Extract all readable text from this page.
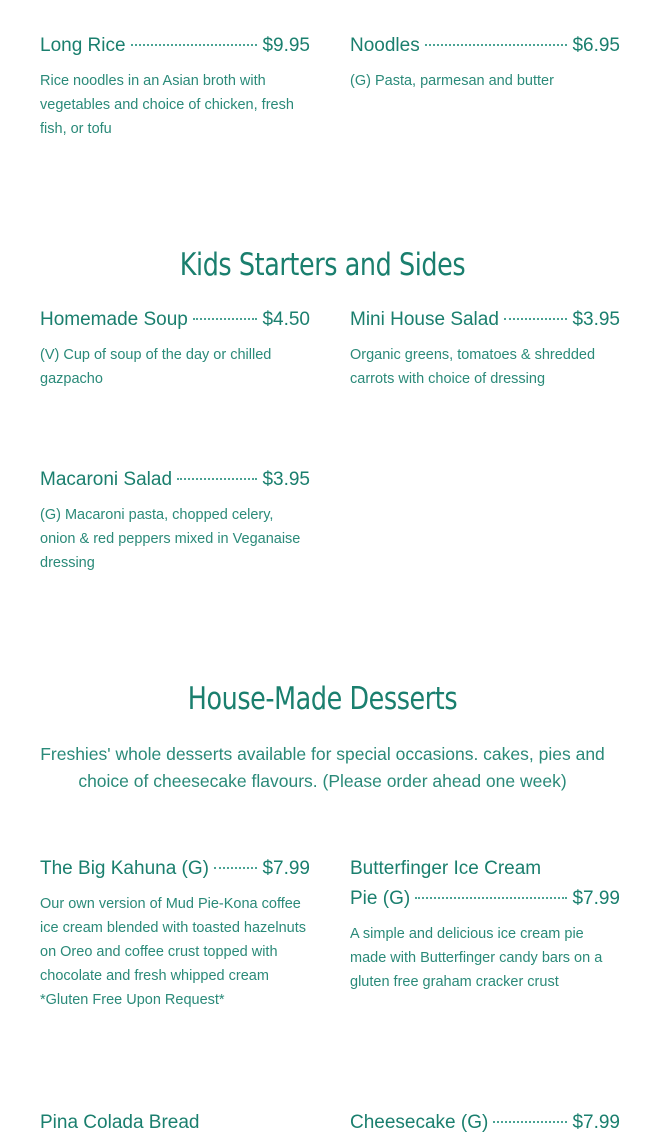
Long Rice	$9.95
Rice noodles in an Asian broth with vegetables and choice of chicken, fresh fish, or tofu
Noodles	$6.95
(G) Pasta, parmesan and butter
Kids Starters and Sides
Homemade Soup	$4.50
(V) Cup of soup of the day or chilled gazpacho
Mini House Salad	$3.95
Organic greens, tomatoes & shredded carrots with choice of dressing
Macaroni Salad	$3.95
(G) Macaroni pasta, chopped celery, onion & red peppers mixed in Veganaise dressing
House-Made Desserts

Freshies' whole desserts available for special occasions. cakes, pies and choice of cheesecake flavours. (Please order ahead one week)

The Big Kahuna (G)	$7.99
Our own version of Mud Pie-Kona coffee ice cream blended with toasted hazelnuts on Oreo and coffee crust topped with chocolate and fresh whipped cream *Gluten Free Upon Request*
Butterfinger Ice Cream
Pie (G)	$7.99
A simple and delicious ice cream pie made with Butterfinger candy bars on a gluten free graham cracker crust
Pina Colada Bread	Cheesecake (G)	$7.99
